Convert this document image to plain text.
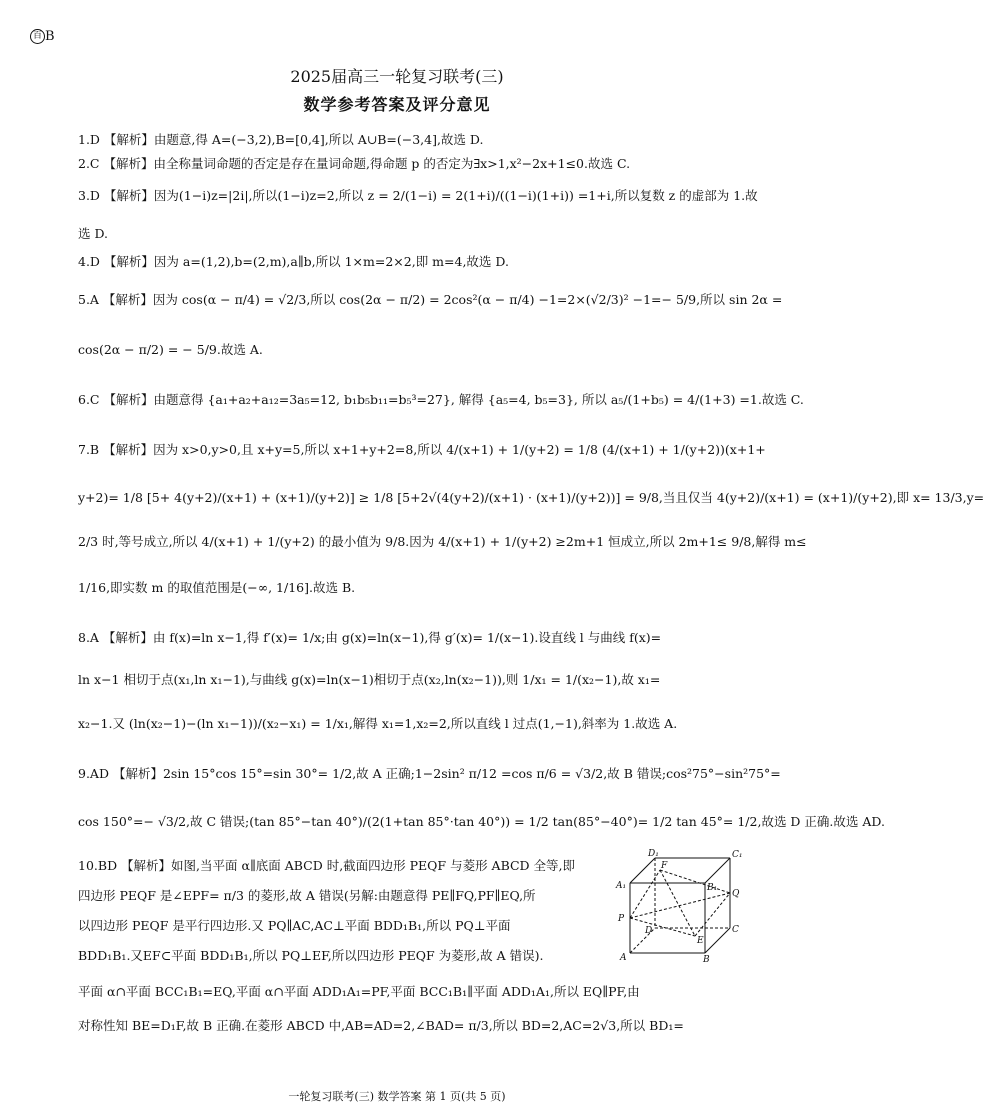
百 B
2025届高三一轮复习联考(三)
数学参考答案及评分意见
1.D 【解析】由题意,得 A=(−3,2),B=[0,4],所以 A∪B=(−3,4],故选 D.
2.C 【解析】由全称量词命题的否定是存在量词命题,得命题 p 的否定为∃x>1,x²−2x+1≤0.故选 C.
3.D 【解析】因为(1−i)z=|2i|,所以(1−i)z=2,所以 z = 2/(1−i) = 2(1+i)/((1−i)(1+i)) =1+i,所以复数 z 的虚部为 1.故
选 D.
4.D 【解析】因为 a=(1,2),b=(2,m),a∥b,所以 1×m=2×2,即 m=4,故选 D.
5.A 【解析】因为 cos(α − π/4) = √2/3,所以 cos(2α − π/2) = 2cos²(α − π/4) −1=2×(√2/3)² −1=− 5/9,所以 sin 2α =
cos(2α − π/2) = − 5/9.故选 A.
6.C 【解析】由题意得 {a₁+a₂+a₁₂=3a₅=12, b₁b₅b₁₁=b₅³=27}, 解得 {a₅=4, b₅=3}, 所以 a₅/(1+b₅) = 4/(1+3) =1.故选 C.
7.B 【解析】因为 x>0,y>0,且 x+y=5,所以 x+1+y+2=8,所以 4/(x+1) + 1/(y+2) = 1/8 (4/(x+1) + 1/(y+2))(x+1+
y+2)= 1/8 [5+ 4(y+2)/(x+1) + (x+1)/(y+2)] ≥ 1/8 [5+2√(4(y+2)/(x+1) · (x+1)/(y+2))] = 9/8,当且仅当 4(y+2)/(x+1) = (x+1)/(y+2),即 x= 13/3,y=
2/3 时,等号成立,所以 4/(x+1) + 1/(y+2) 的最小值为 9/8.因为 4/(x+1) + 1/(y+2) ≥2m+1 恒成立,所以 2m+1≤ 9/8,解得 m≤
1/16,即实数 m 的取值范围是(−∞, 1/16].故选 B.
8.A 【解析】由 f(x)=ln x−1,得 f′(x)= 1/x;由 g(x)=ln(x−1),得 g′(x)= 1/(x−1).设直线 l 与曲线 f(x)=
ln x−1 相切于点(x₁,ln x₁−1),与曲线 g(x)=ln(x−1)相切于点(x₂,ln(x₂−1)),则 1/x₁ = 1/(x₂−1),故 x₁=
x₂−1.又 (ln(x₂−1)−(ln x₁−1))/(x₂−x₁) = 1/x₁,解得 x₁=1,x₂=2,所以直线 l 过点(1,−1),斜率为 1.故选 A.
9.AD 【解析】2sin 15°cos 15°=sin 30°= 1/2,故 A 正确;1−2sin² π/12 =cos π/6 = √3/2,故 B 错误;cos²75°−sin²75°=
cos 150°=− √3/2,故 C 错误;(tan 85°−tan 40°)/(2(1+tan 85°·tan 40°)) = 1/2 tan(85°−40°)= 1/2 tan 45°= 1/2,故选 D 正确.故选 AD.
10.BD 【解析】如图,当平面 α∥底面 ABCD 时,截面四边形 PEQF 与菱形 ABCD 全等,即
四边形 PEQF 是∠EPF= π/3 的菱形,故 A 错误(另解:由题意得 PE∥FQ,PF∥EQ,所
以四边形 PEQF 是平行四边形.又 PQ∥AC,AC⊥平面 BDD₁B₁,所以 PQ⊥平面
BDD₁B₁.又EF⊂平面 BDD₁B₁,所以 PQ⊥EF,所以四边形 PEQF 为菱形,故 A 错误).
平面 α∩平面 BCC₁B₁=EQ,平面 α∩平面 ADD₁A₁=PF,平面 BCC₁B₁∥平面 ADD₁A₁,所以 EQ∥PF,由
对称性知 BE=D₁F,故 B 正确.在菱形 ABCD 中,AB=AD=2,∠BAD= π/3,所以 BD=2,AC=2√3,所以 BD₁=
D₁	C₁
A₁	B₁
F
Q
P
D
E
C
A	B
一轮复习联考(三) 数学答案 第 1 页(共 5 页)
